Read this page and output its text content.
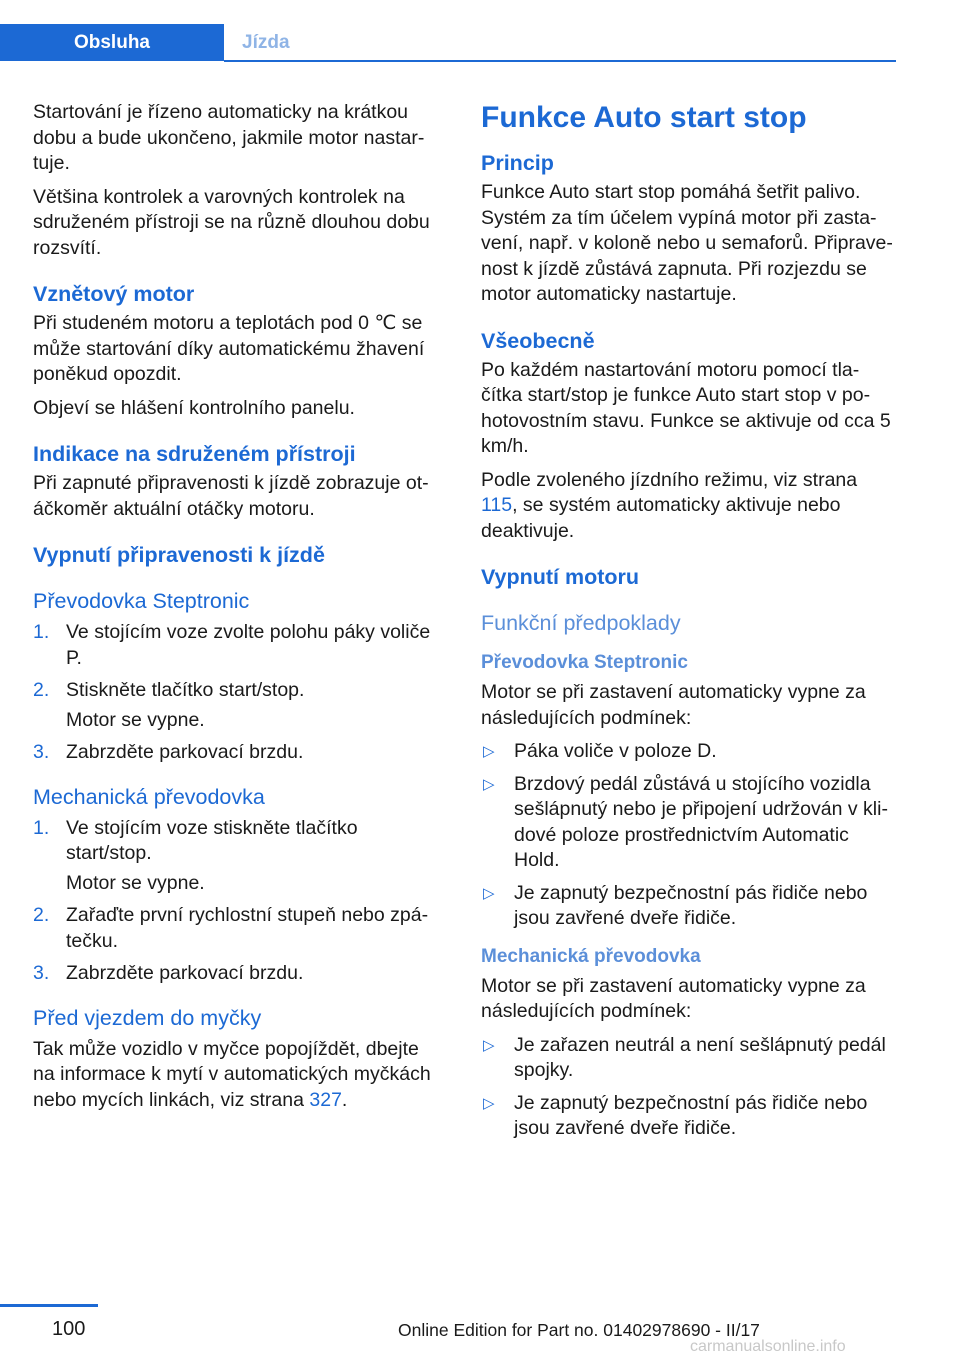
Obsluha	Jízda

Startování je řízeno automaticky na krátkou dobu a bude ukončeno, jakmile motor nastar‐tuje.

Většina kontrolek a varovných kontrolek na sdruženém přístroji se na různě dlouhou dobu rozsvítí.

Vznětový motor

Při studeném motoru a teplotách pod 0 ℃ se může startování díky automatickému žhavení poněkud opozdit.

Objeví se hlášení kontrolního panelu.

Indikace na sdruženém přístroji

Při zapnuté připravenosti k jízdě zobrazuje ot‐áčkoměr aktuální otáčky motoru.

Vypnutí připravenosti k jízdě
Převodovka Steptronic
1. Ve stojícím voze zvolte polohu páky voliče P.
2. Stiskněte tlačítko start/stop.
Motor se vypne.
3. Zabrzděte parkovací brzdu.
Mechanická převodovka
1. Ve stojícím voze stiskněte tlačítko start/stop.
Motor se vypne.
2. Zařaďte první rychlostní stupeň nebo zpá‐tečku.
3. Zabrzděte parkovací brzdu.
Před vjezdem do myčky

Tak může vozidlo v myčce popojíždět, dbejte na informace k mytí v automatických myčkách nebo mycích linkách, viz strana 327.

Funkce Auto start stop
Princip

Funkce Auto start stop pomáhá šetřit palivo. Systém za tím účelem vypíná motor při zasta‐vení, např. v koloně nebo u semaforů. Připrave‐nost k jízdě zůstává zapnuta. Při rozjezdu se motor automaticky nastartuje.

Všeobecně

Po každém nastartování motoru pomocí tla‐čítka start/stop je funkce Auto start stop v po‐hotovostním stavu. Funkce se aktivuje od cca 5 km/h.

Podle zvoleného jízdního režimu, viz strana 115, se systém automaticky aktivuje nebo deaktivuje.

Vypnutí motoru
Funkční předpoklady
Převodovka Steptronic

Motor se při zastavení automaticky vypne za následujících podmínek:

▷ Páka voliče v poloze D.
▷ Brzdový pedál zůstává u stojícího vozidla sešlápnutý nebo je připojení udržován v kli‐dové poloze prostřednictvím Automatic Hold.
▷ Je zapnutý bezpečnostní pás řidiče nebo jsou zavřené dveře řidiče.
Mechanická převodovka

Motor se při zastavení automaticky vypne za následujících podmínek:

▷ Je zařazen neutrál a není sešlápnutý pedál spojky.
▷ Je zapnutý bezpečnostní pás řidiče nebo jsou zavřené dveře řidiče.
100	Online Edition for Part no. 01402978690 - II/17
carmanualsonline.info
